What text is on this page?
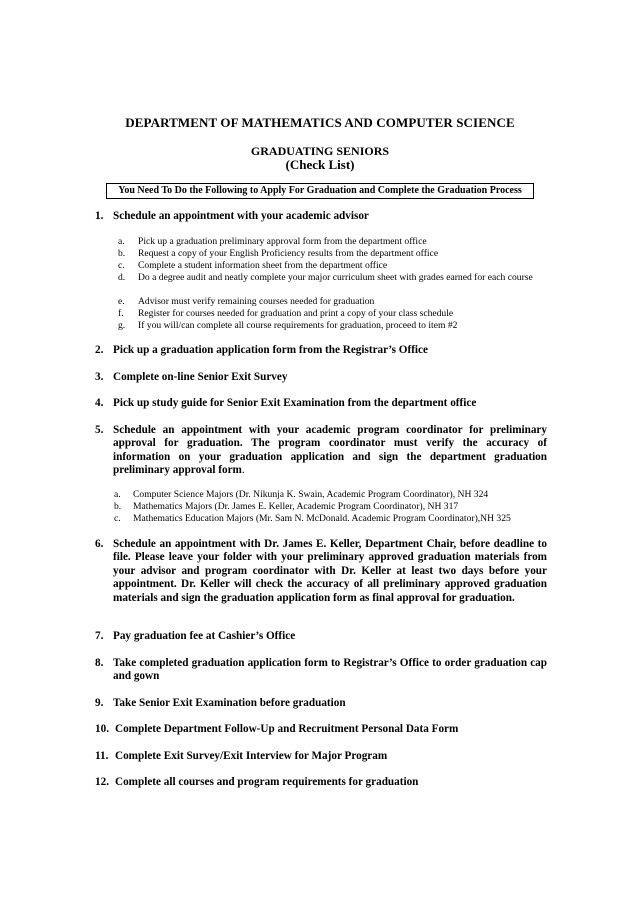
DEPARTMENT OF MATHEMATICS AND COMPUTER SCIENCE
GRADUATING SENIORS
(Check List)
You Need To Do the Following to Apply For Graduation and Complete the Graduation Process
1. Schedule an appointment with your academic advisor
a. Pick up a graduation preliminary approval form from the department office
b. Request a copy of your English Proficiency results from the department office
c. Complete a student information sheet from the department office
d. Do a degree audit and neatly complete your major curriculum sheet with grades earned for each course
e. Advisor must verify remaining courses needed for graduation
f. Register for courses needed for graduation and print a copy of your class schedule
g. If you will/can complete all course requirements for graduation, proceed to item #2
2. Pick up a graduation application form from the Registrar’s Office
3. Complete on-line Senior Exit Survey
4. Pick up study guide for Senior Exit Examination from the department office
5. Schedule an appointment with your academic program coordinator for preliminary approval for graduation. The program coordinator must verify the accuracy of information on your graduation application and sign the department graduation preliminary approval form.
a. Computer Science Majors (Dr. Nikunja K. Swain, Academic Program Coordinator), NH 324
b. Mathematics Majors (Dr. James E. Keller, Academic Program Coordinator), NH 317
c. Mathematics Education Majors (Mr. Sam N. McDonald. Academic Program Coordinator),NH 325
6. Schedule an appointment with Dr. James E. Keller, Department Chair, before deadline to file. Please leave your folder with your preliminary approved graduation materials from your advisor and program coordinator with Dr. Keller at least two days before your appointment. Dr. Keller will check the accuracy of all preliminary approved graduation materials and sign the graduation application form as final approval for graduation.
7. Pay graduation fee at Cashier’s Office
8. Take completed graduation application form to Registrar’s Office to order graduation cap and gown
9. Take Senior Exit Examination before graduation
10. Complete Department Follow-Up and Recruitment Personal Data Form
11. Complete Exit Survey/Exit Interview for Major Program
12. Complete all courses and program requirements for graduation
